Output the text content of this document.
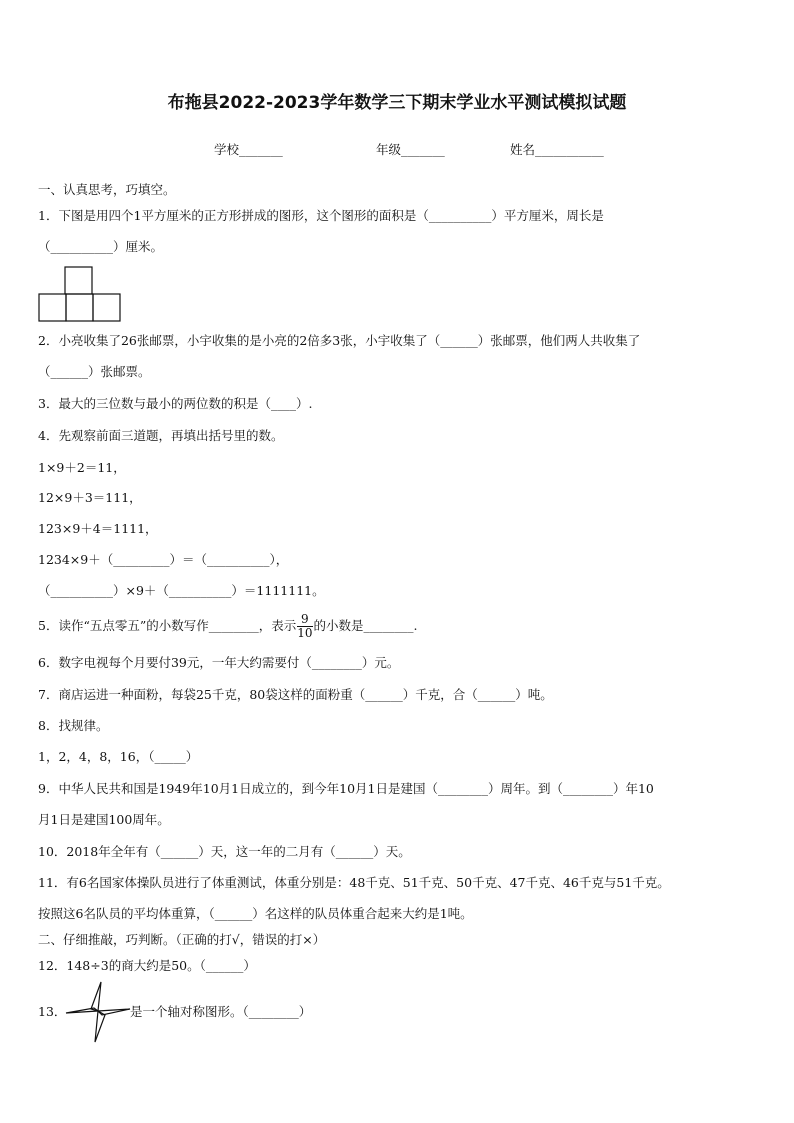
布拖县2022-2023学年数学三下期末学业水平测试模拟试题
学校_______	年级_______	姓名___________
一、认真思考，巧填空。
1．下图是用四个1平方厘米的正方形拼成的图形，这个图形的面积是（__________）平方厘米，周长是
（__________）厘米。
2．小亮收集了26张邮票，小宇收集的是小亮的2倍多3张，小宇收集了（______）张邮票，他们两人共收集了
（______）张邮票。
3．最大的三位数与最小的两位数的积是（____）.
4．先观察前面三道题，再填出括号里的数。
1×9＋2＝11，
12×9＋3＝111，
123×9＋4＝1111，
1234×9＋（_________）＝（__________），
（__________）×9＋（__________）＝1111111。
5．读作“五点零五”的小数写作________，表示 $\frac{9}{10}$ 的小数是________.
6．数字电视每个月要付39元，一年大约需要付（________）元。
7．商店运进一种面粉，每袋25千克，80袋这样的面粉重（______）千克，合（______）吨。
8．找规律。
1，2，4，8，16，（_____）
9．中华人民共和国是1949年10月1日成立的，到今年10月1日是建国（________）周年。到（________）年10
月1日是建国100周年。
10．2018年全年有（______）天，这一年的二月有（______）天。
11．有6名国家体操队员进行了体重测试，体重分别是：48千克、51千克、50千克、47千克、46千克与51千克。
按照这6名队员的平均体重算，（______）名这样的队员体重合起来大约是1吨。
二、仔细推敲，巧判断。（正确的打√，错误的打×）
12．148÷3的商大约是50。（______）
13．	是一个轴对称图形。（________）
